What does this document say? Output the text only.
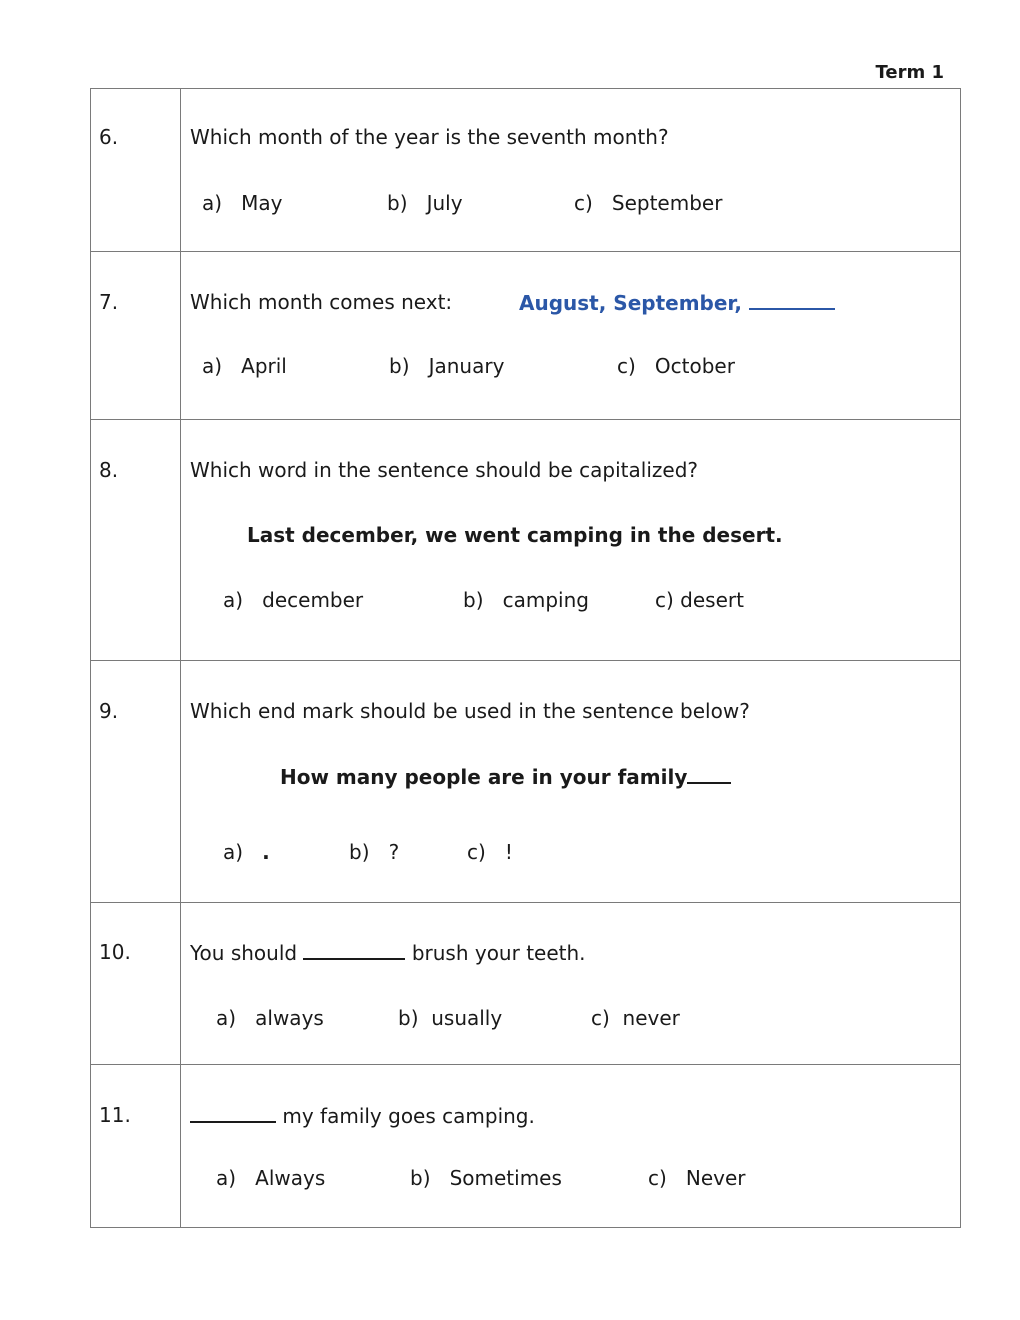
Term 1
6.	Which month of the year is the seventh month?
a) May b) July c) September

7.	Which month comes next: August, September,
a) April b) January c) October

8.	Which word in the sentence should be capitalized?
Last december, we went camping in the desert.
a) december b) camping c) desert

9.	Which end mark should be used in the sentence below?
How many people are in your family
a) . b) ? c) !

10.	You should brush your teeth.
a) always b) usually c) never

11.	my family goes camping.
a) Always b) Sometimes c) Never
